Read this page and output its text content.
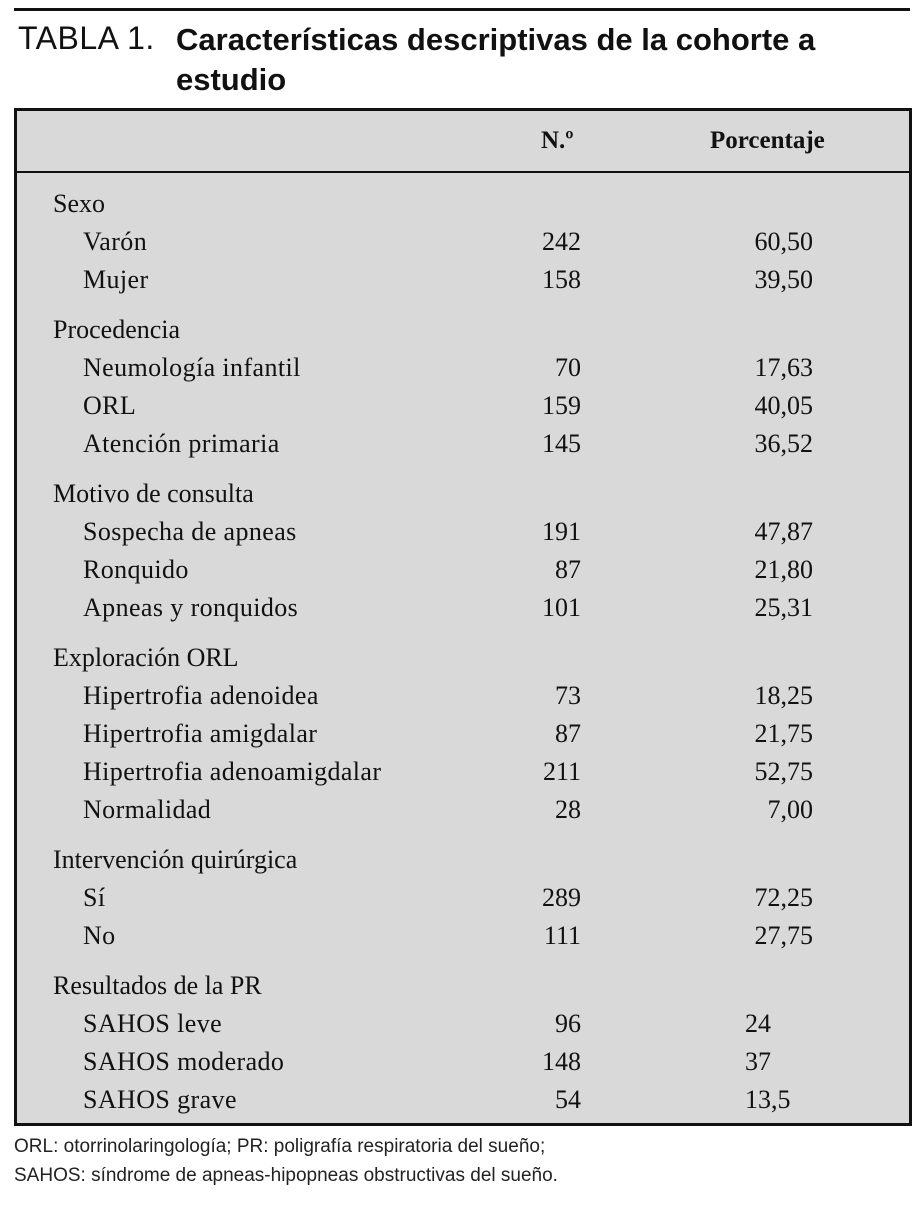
TABLA 1. Características descriptivas de la cohorte a estudio
N.º	Porcentaje
Sexo
Varón	242	60,50
Mujer	158	39,50
Procedencia
Neumología infantil	70	17,63
ORL	159	40,05
Atención primaria	145	36,52
Motivo de consulta
Sospecha de apneas	191	47,87
Ronquido	87	21,80
Apneas y ronquidos	101	25,31
Exploración ORL
Hipertrofia adenoidea	73	18,25
Hipertrofia amigdalar	87	21,75
Hipertrofia adenoamigdalar	211	52,75
Normalidad	28	7,00
Intervención quirúrgica
Sí	289	72,25
No	111	27,75
Resultados de la PR
SAHOS leve	96	24
SAHOS moderado	148	37
SAHOS grave	54	13,5
ORL: otorrinolaringología; PR: poligrafía respiratoria del sueño;
SAHOS: síndrome de apneas-hipopneas obstructivas del sueño.
